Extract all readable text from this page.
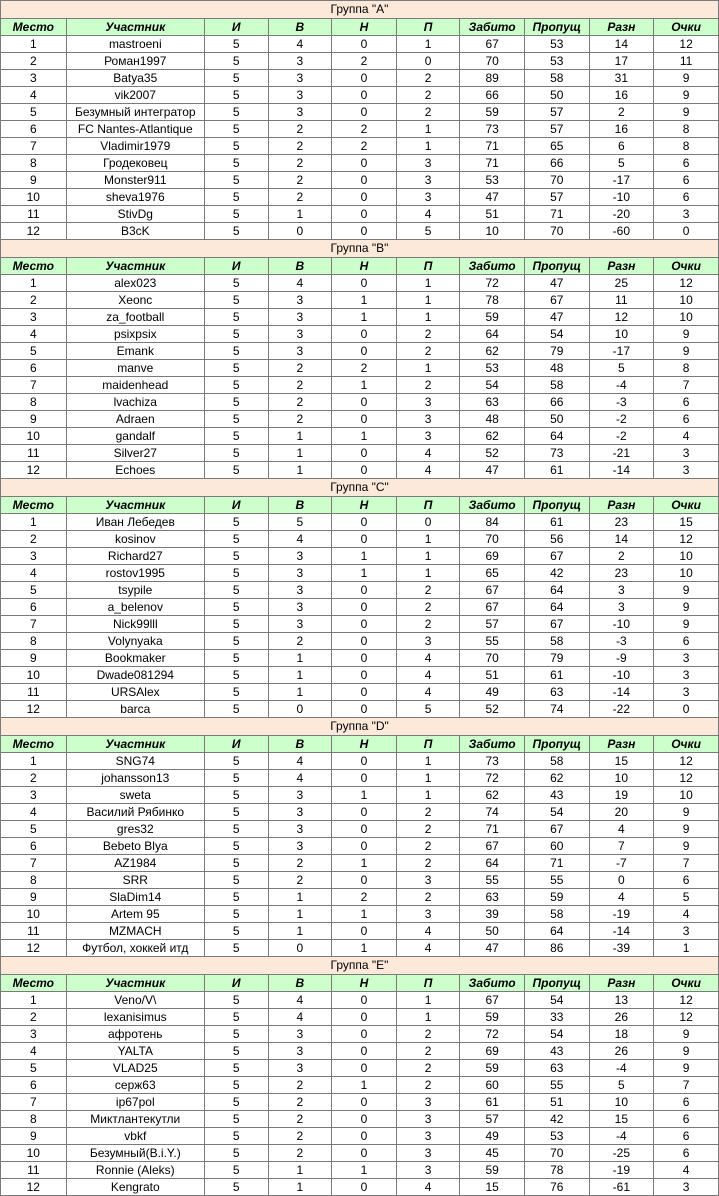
Группа "A"									
Место	Участник	И	В	Н	П	Забито	Пропущ	Разн	Очки
1	mastroeni	5	4	0	1	67	53	14	12
2	Роман1997	5	3	2	0	70	53	17	11
3	Batya35	5	3	0	2	89	58	31	9
4	vik2007	5	3	0	2	66	50	16	9
5	Безумный интегратор	5	3	0	2	59	57	2	9
6	FC Nantes-Atlantique	5	2	2	1	73	57	16	8
7	Vladimir1979	5	2	2	1	71	65	6	8
8	Гродековец	5	2	0	3	71	66	5	6
9	Monster911	5	2	0	3	53	70	-17	6
10	sheva1976	5	2	0	3	47	57	-10	6
11	StivDg	5	1	0	4	51	71	-20	3
12	B3cK	5	0	0	5	10	70	-60	0
Группа "B"									
Место	Участник	И	В	Н	П	Забито	Пропущ	Разн	Очки
1	alex023	5	4	0	1	72	47	25	12
2	Xeonc	5	3	1	1	78	67	11	10
3	za_football	5	3	1	1	59	47	12	10
4	psixpsix	5	3	0	2	64	54	10	9
5	Emank	5	3	0	2	62	79	-17	9
6	manve	5	2	2	1	53	48	5	8
7	maidenhead	5	2	1	2	54	58	-4	7
8	lvachiza	5	2	0	3	63	66	-3	6
9	Adraen	5	2	0	3	48	50	-2	6
10	gandalf	5	1	1	3	62	64	-2	4
11	Silver27	5	1	0	4	52	73	-21	3
12	Echoes	5	1	0	4	47	61	-14	3
Группа "C"									
Место	Участник	И	В	Н	П	Забито	Пропущ	Разн	Очки
1	Иван Лебедев	5	5	0	0	84	61	23	15
2	kosinov	5	4	0	1	70	56	14	12
3	Richard27	5	3	1	1	69	67	2	10
4	rostov1995	5	3	1	1	65	42	23	10
5	tsypile	5	3	0	2	67	64	3	9
6	a_belenov	5	3	0	2	67	64	3	9
7	Nick99lll	5	3	0	2	57	67	-10	9
8	Volynyaka	5	2	0	3	55	58	-3	6
9	Bookmaker	5	1	0	4	70	79	-9	3
10	Dwade081294	5	1	0	4	51	61	-10	3
11	URSAlex	5	1	0	4	49	63	-14	3
12	barca	5	0	0	5	52	74	-22	0
Группа "D"									
Место	Участник	И	В	Н	П	Забито	Пропущ	Разн	Очки
1	SNG74	5	4	0	1	73	58	15	12
2	johansson13	5	4	0	1	72	62	10	12
3	sweta	5	3	1	1	62	43	19	10
4	Василий Рябинко	5	3	0	2	74	54	20	9
5	gres32	5	3	0	2	71	67	4	9
6	Bebeto Blya	5	3	0	2	67	60	7	9
7	AZ1984	5	2	1	2	64	71	-7	7
8	SRR	5	2	0	3	55	55	0	6
9	SlaDim14	5	1	2	2	63	59	4	5
10	Artem 95	5	1	1	3	39	58	-19	4
11	MZMACH	5	1	0	4	50	64	-14	3
12	Футбол, хоккей итд	5	0	1	4	47	86	-39	1
Группа "E"									
Место	Участник	И	В	Н	П	Забито	Пропущ	Разн	Очки
1	Veno/V\	5	4	0	1	67	54	13	12
2	lexanisimus	5	4	0	1	59	33	26	12
3	афротень	5	3	0	2	72	54	18	9
4	YALTA	5	3	0	2	69	43	26	9
5	VLAD25	5	3	0	2	59	63	-4	9
6	серж63	5	2	1	2	60	55	5	7
7	ip67pol	5	2	0	3	61	51	10	6
8	Миктлантекутли	5	2	0	3	57	42	15	6
9	vbkf	5	2	0	3	49	53	-4	6
10	Безумный(B.i.Y.)	5	2	0	3	45	70	-25	6
11	Ronnie (Aleks)	5	1	1	3	59	78	-19	4
12	Kengrato	5	1	0	4	15	76	-61	3
